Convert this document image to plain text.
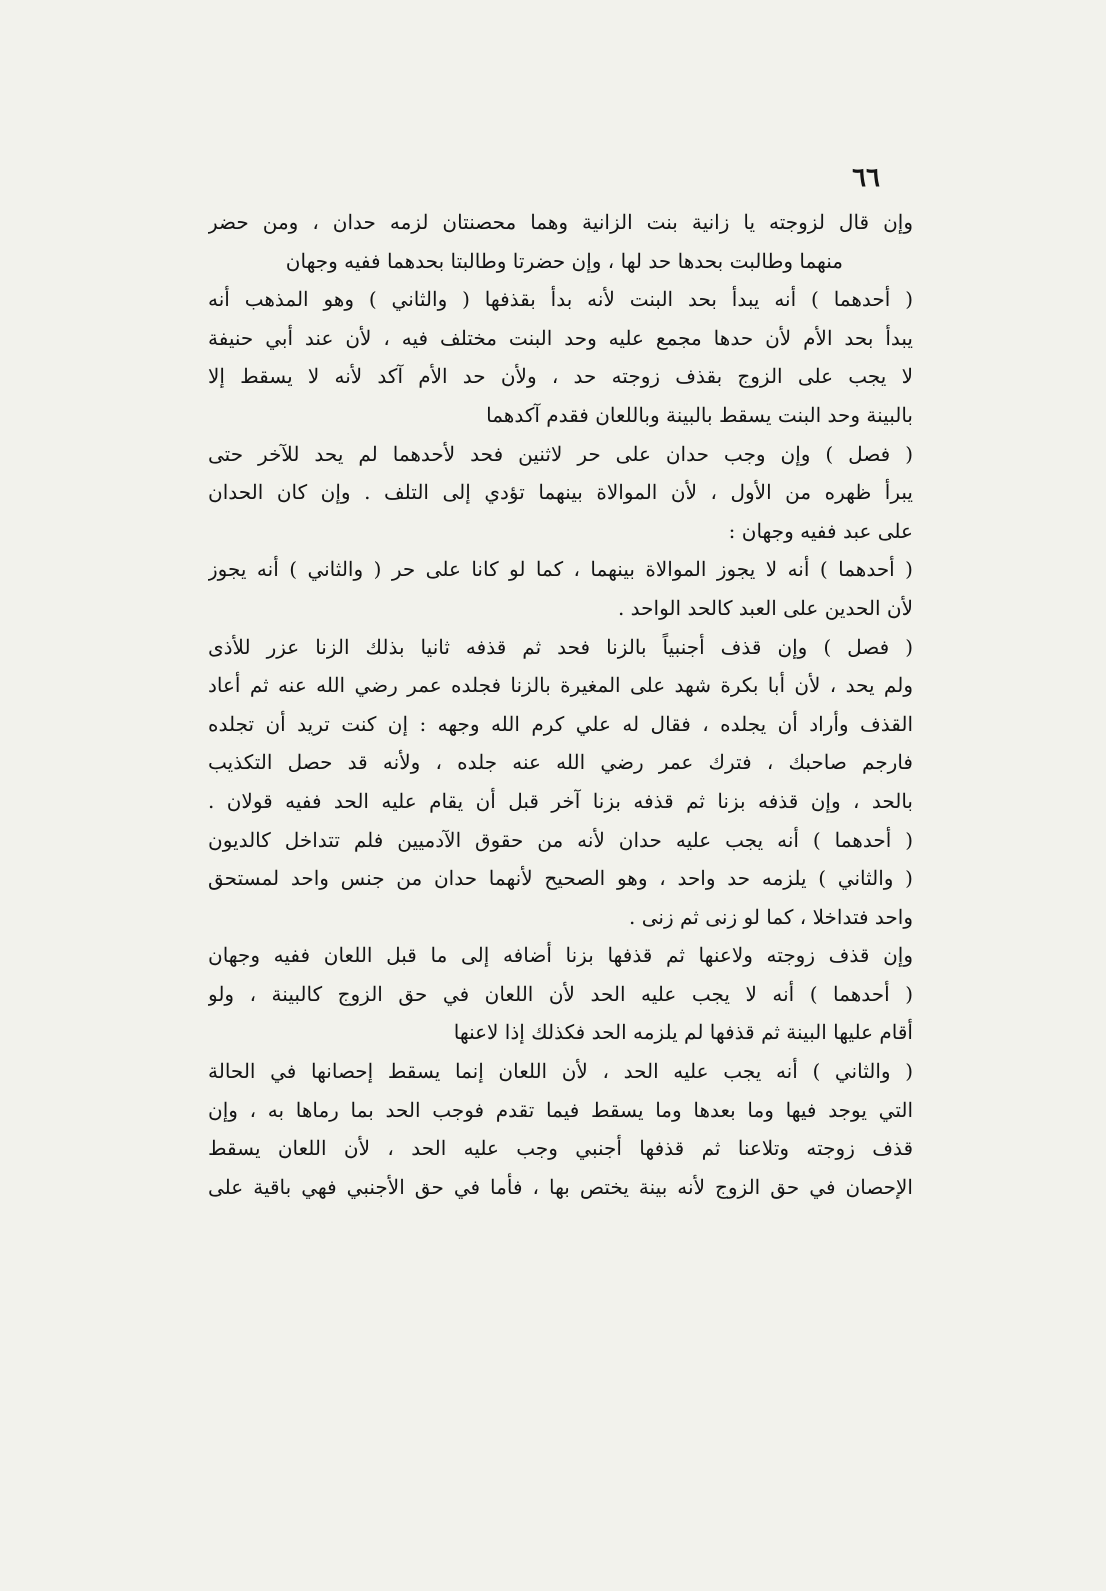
٦٦
وإن قال لزوجته يا زانية بنت الزانية وهما محصنتان لزمه حدان ، ومن حضر
منهما وطالبت بحدها حد لها ، وإن حضرتا وطالبتا بحدهما ففيه وجهان
( أحدهما ) أنه يبدأ بحد البنت لأنه بدأ بقذفها ( والثاني ) وهو المذهب أنه
يبدأ بحد الأم لأن حدها مجمع عليه وحد البنت مختلف فيه ، لأن عند أبي حنيفة
لا يجب على الزوج بقذف زوجته حد ، ولأن حد الأم آكد لأنه لا يسقط إلا
بالبينة وحد البنت يسقط بالبينة وباللعان فقدم آكدهما
( فصل ) وإن وجب حدان على حر لاثنين فحد لأحدهما لم يحد للآخر حتى
يبرأ ظهره من الأول ، لأن الموالاة بينهما تؤدي إلى التلف . وإن كان الحدان
على عبد ففيه وجهان :
( أحدهما ) أنه لا يجوز الموالاة بينهما ، كما لو كانا على حر ( والثاني ) أنه يجوز
لأن الحدين على العبد كالحد الواحد .
( فصل ) وإن قذف أجنبياً بالزنا فحد ثم قذفه ثانيا بذلك الزنا عزر للأذى
ولم يحد ، لأن أبا بكرة شهد على المغيرة بالزنا فجلده عمر رضي الله عنه ثم أعاد
القذف وأراد أن يجلده ، فقال له علي كرم الله وجهه : إن كنت تريد أن تجلده
فارجم صاحبك ، فترك عمر رضي الله عنه جلده ، ولأنه قد حصل التكذيب
بالحد ، وإن قذفه بزنا ثم قذفه بزنا آخر قبل أن يقام عليه الحد ففيه قولان .
( أحدهما ) أنه يجب عليه حدان لأنه من حقوق الآدميين فلم تتداخل كالديون
( والثاني ) يلزمه حد واحد ، وهو الصحيح لأنهما حدان من جنس واحد لمستحق
واحد فتداخلا ، كما لو زنى ثم زنى .
وإن قذف زوجته ولاعنها ثم قذفها بزنا أضافه إلى ما قبل اللعان ففيه وجهان
( أحدهما ) أنه لا يجب عليه الحد لأن اللعان في حق الزوج كالبينة ، ولو
أقام عليها البينة ثم قذفها لم يلزمه الحد فكذلك إذا لاعنها
( والثاني ) أنه يجب عليه الحد ، لأن اللعان إنما يسقط إحصانها في الحالة
التي يوجد فيها وما بعدها وما يسقط فيما تقدم فوجب الحد بما رماها به ، وإن
قذف زوجته وتلاعنا ثم قذفها أجنبي وجب عليه الحد ، لأن اللعان يسقط
الإحصان في حق الزوج لأنه بينة يختص بها ، فأما في حق الأجنبي فهي باقية على
